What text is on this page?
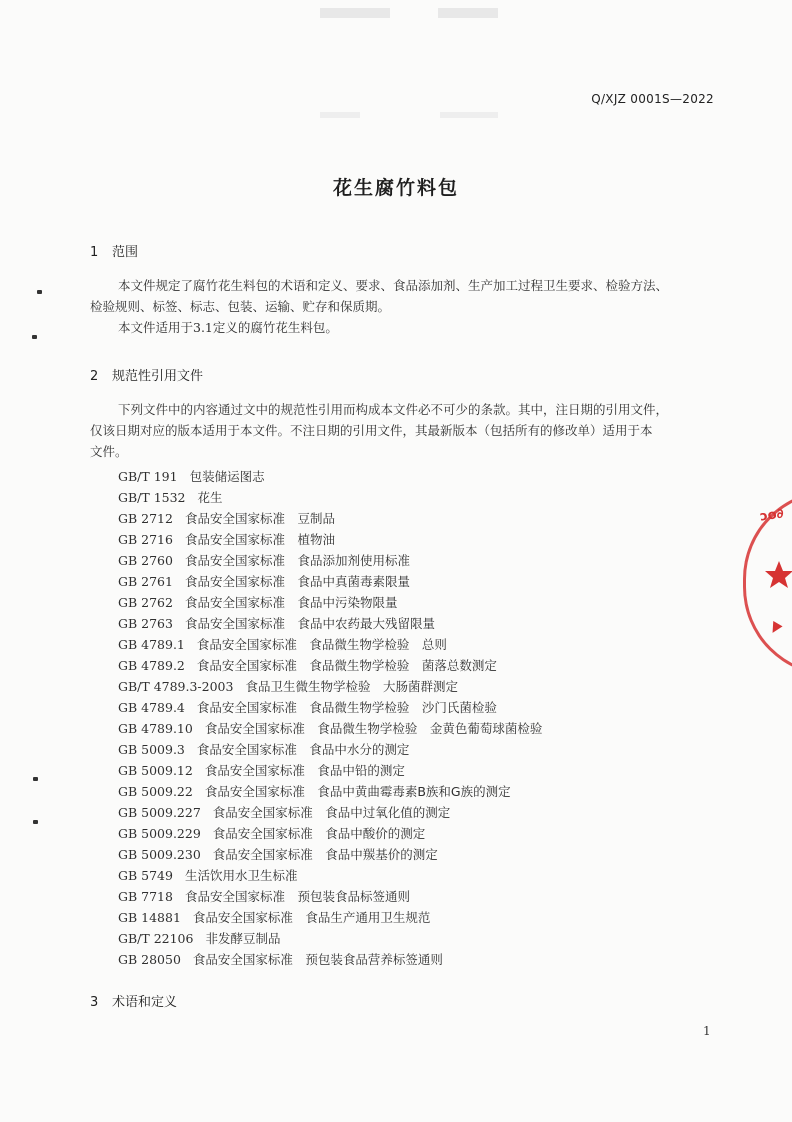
Q/XJZ 0001S—2022
花生腐竹料包
1 范围
本文件规定了腐竹花生料包的术语和定义、要求、食品添加剂、生产加工过程卫生要求、检验方法、
检验规则、标签、标志、包装、运输、贮存和保质期。
本文件适用于3.1定义的腐竹花生料包。
2 规范性引用文件
下列文件中的内容通过文中的规范性引用而构成本文件必不可少的条款。其中，注日期的引用文件，
仅该日期对应的版本适用于本文件。不注日期的引用文件，其最新版本（包括所有的修改单）适用于本
文件。
GB/T 191 包装储运图志
GB/T 1532 花生
GB 2712 食品安全国家标准　豆制品
GB 2716 食品安全国家标准　植物油
GB 2760 食品安全国家标准　食品添加剂使用标准
GB 2761 食品安全国家标准　食品中真菌毒素限量
GB 2762 食品安全国家标准　食品中污染物限量
GB 2763 食品安全国家标准　食品中农药最大残留限量
GB 4789.1 食品安全国家标准　食品微生物学检验　总则
GB 4789.2 食品安全国家标准　食品微生物学检验　菌落总数测定
GB/T 4789.3-2003 食品卫生微生物学检验　大肠菌群测定
GB 4789.4 食品安全国家标准　食品微生物学检验　沙门氏菌检验
GB 4789.10 食品安全国家标准　食品微生物学检验　金黄色葡萄球菌检验
GB 5009.3 食品安全国家标准　食品中水分的测定
GB 5009.12 食品安全国家标准　食品中铅的测定
GB 5009.22 食品安全国家标准　食品中黄曲霉毒素B族和G族的测定
GB 5009.227 食品安全国家标准　食品中过氧化值的测定
GB 5009.229 食品安全国家标准　食品中酸价的测定
GB 5009.230 食品安全国家标准　食品中羰基价的测定
GB 5749 生活饮用水卫生标准
GB 7718 食品安全国家标准　预包装食品标签通则
GB 14881 食品安全国家标准　食品生产通用卫生规范
GB/T 22106 非发酵豆制品
GB 28050 食品安全国家标准　预包装食品营养标签通则
3 术语和定义
1
ɔo∂
▼
